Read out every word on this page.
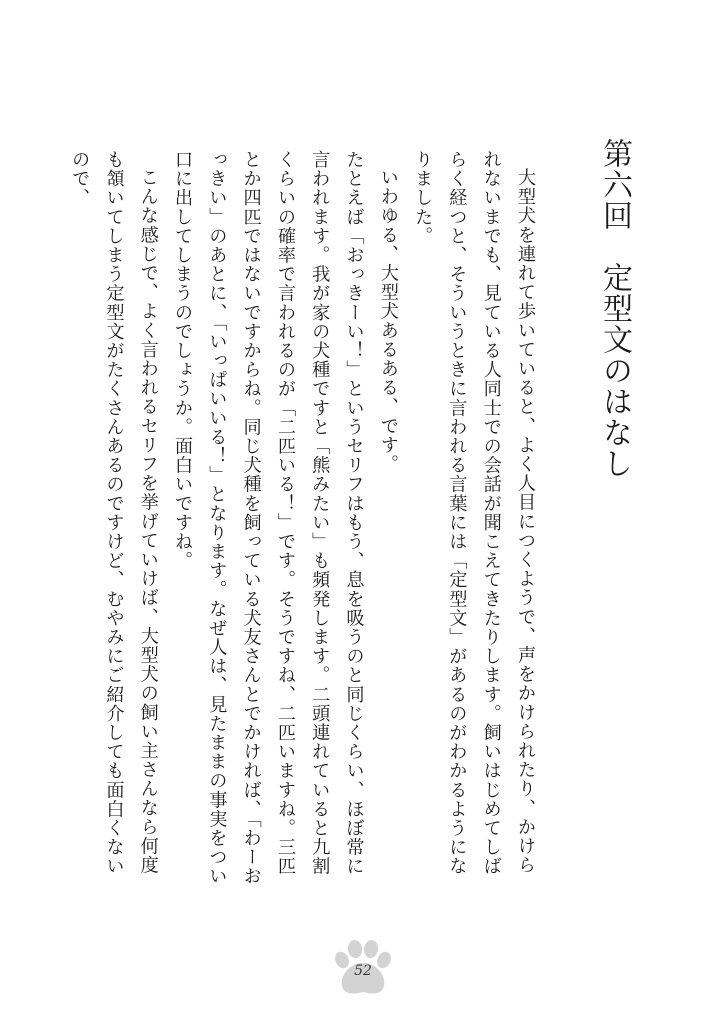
第六回　定型文のはなし

大型犬を連れて歩いていると、よく人目につくようで、声をかけられたり、かけられないまでも、見ている人同士での会話が聞こえてきたりします。飼いはじめてしばらく経つと、そういうときに言われる言葉には「定型文」があるのがわかるようになりました。

いわゆる、大型犬あるある、です。

たとえば「おっきーい！」というセリフはもう、息を吸うのと同じくらい、ほぼ常に言われます。我が家の犬種ですと「熊みたい」も頻発します。二頭連れていると九割くらいの確率で言われるのが「二匹いる！」です。そうですね、二匹いますね。三匹とか四匹ではないですからね。同じ犬種を飼っている犬友さんとでかければ、「わーおっきい」のあとに、「いっぱいいる！」となります。なぜ人は、見たままの事実をつい口に出してしまうのでしょうか。面白いですね。

こんな感じで、よく言われるセリフを挙げていけば、大型犬の飼い主さんなら何度も頷いてしまう定型文がたくさんあるのですけど、むやみにご紹介しても面白くないので、

52
